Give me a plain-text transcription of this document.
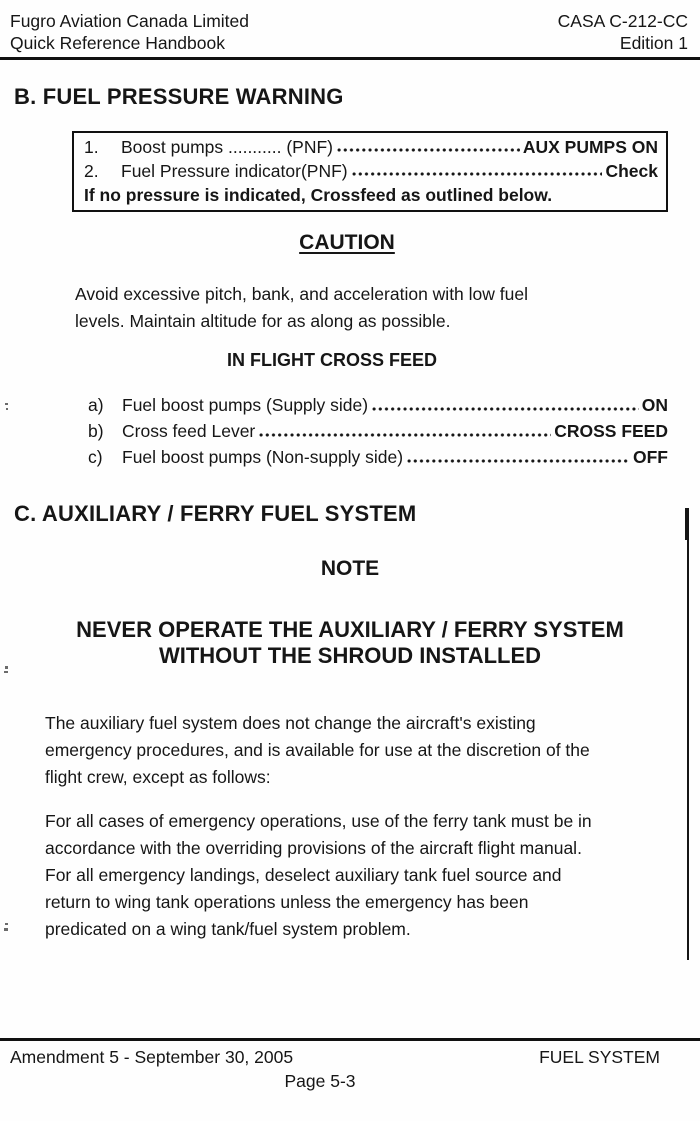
Fugro Aviation Canada Limited
Quick Reference Handbook
CASA C-212-CC
Edition 1
B. FUEL PRESSURE WARNING
1.	Boost pumps ........... (PNF)	AUX PUMPS ON
2.	Fuel Pressure indicator(PNF)	Check
If no pressure is indicated, Crossfeed as outlined below.
CAUTION
Avoid excessive pitch, bank, and acceleration with low fuel
levels. Maintain altitude for as along as possible.
IN FLIGHT CROSS FEED
a)	Fuel boost pumps (Supply side)	ON
b)	Cross feed Lever	CROSS FEED
c)	Fuel boost pumps (Non-supply side)	OFF
C. AUXILIARY / FERRY FUEL SYSTEM
NOTE
NEVER OPERATE THE AUXILIARY / FERRY SYSTEM
WITHOUT THE SHROUD INSTALLED
The auxiliary fuel system does not change the aircraft's existing
emergency procedures, and is available for use at the discretion of the
flight crew, except as follows:
For all cases of emergency operations, use of the ferry tank must be in
accordance with the overriding provisions of the aircraft flight manual.
For all emergency landings, deselect auxiliary tank fuel source and
return to wing tank operations unless the emergency has been
predicated on a wing tank/fuel system problem.
Amendment 5 - September 30, 2005	FUEL SYSTEM
Page 5-3
